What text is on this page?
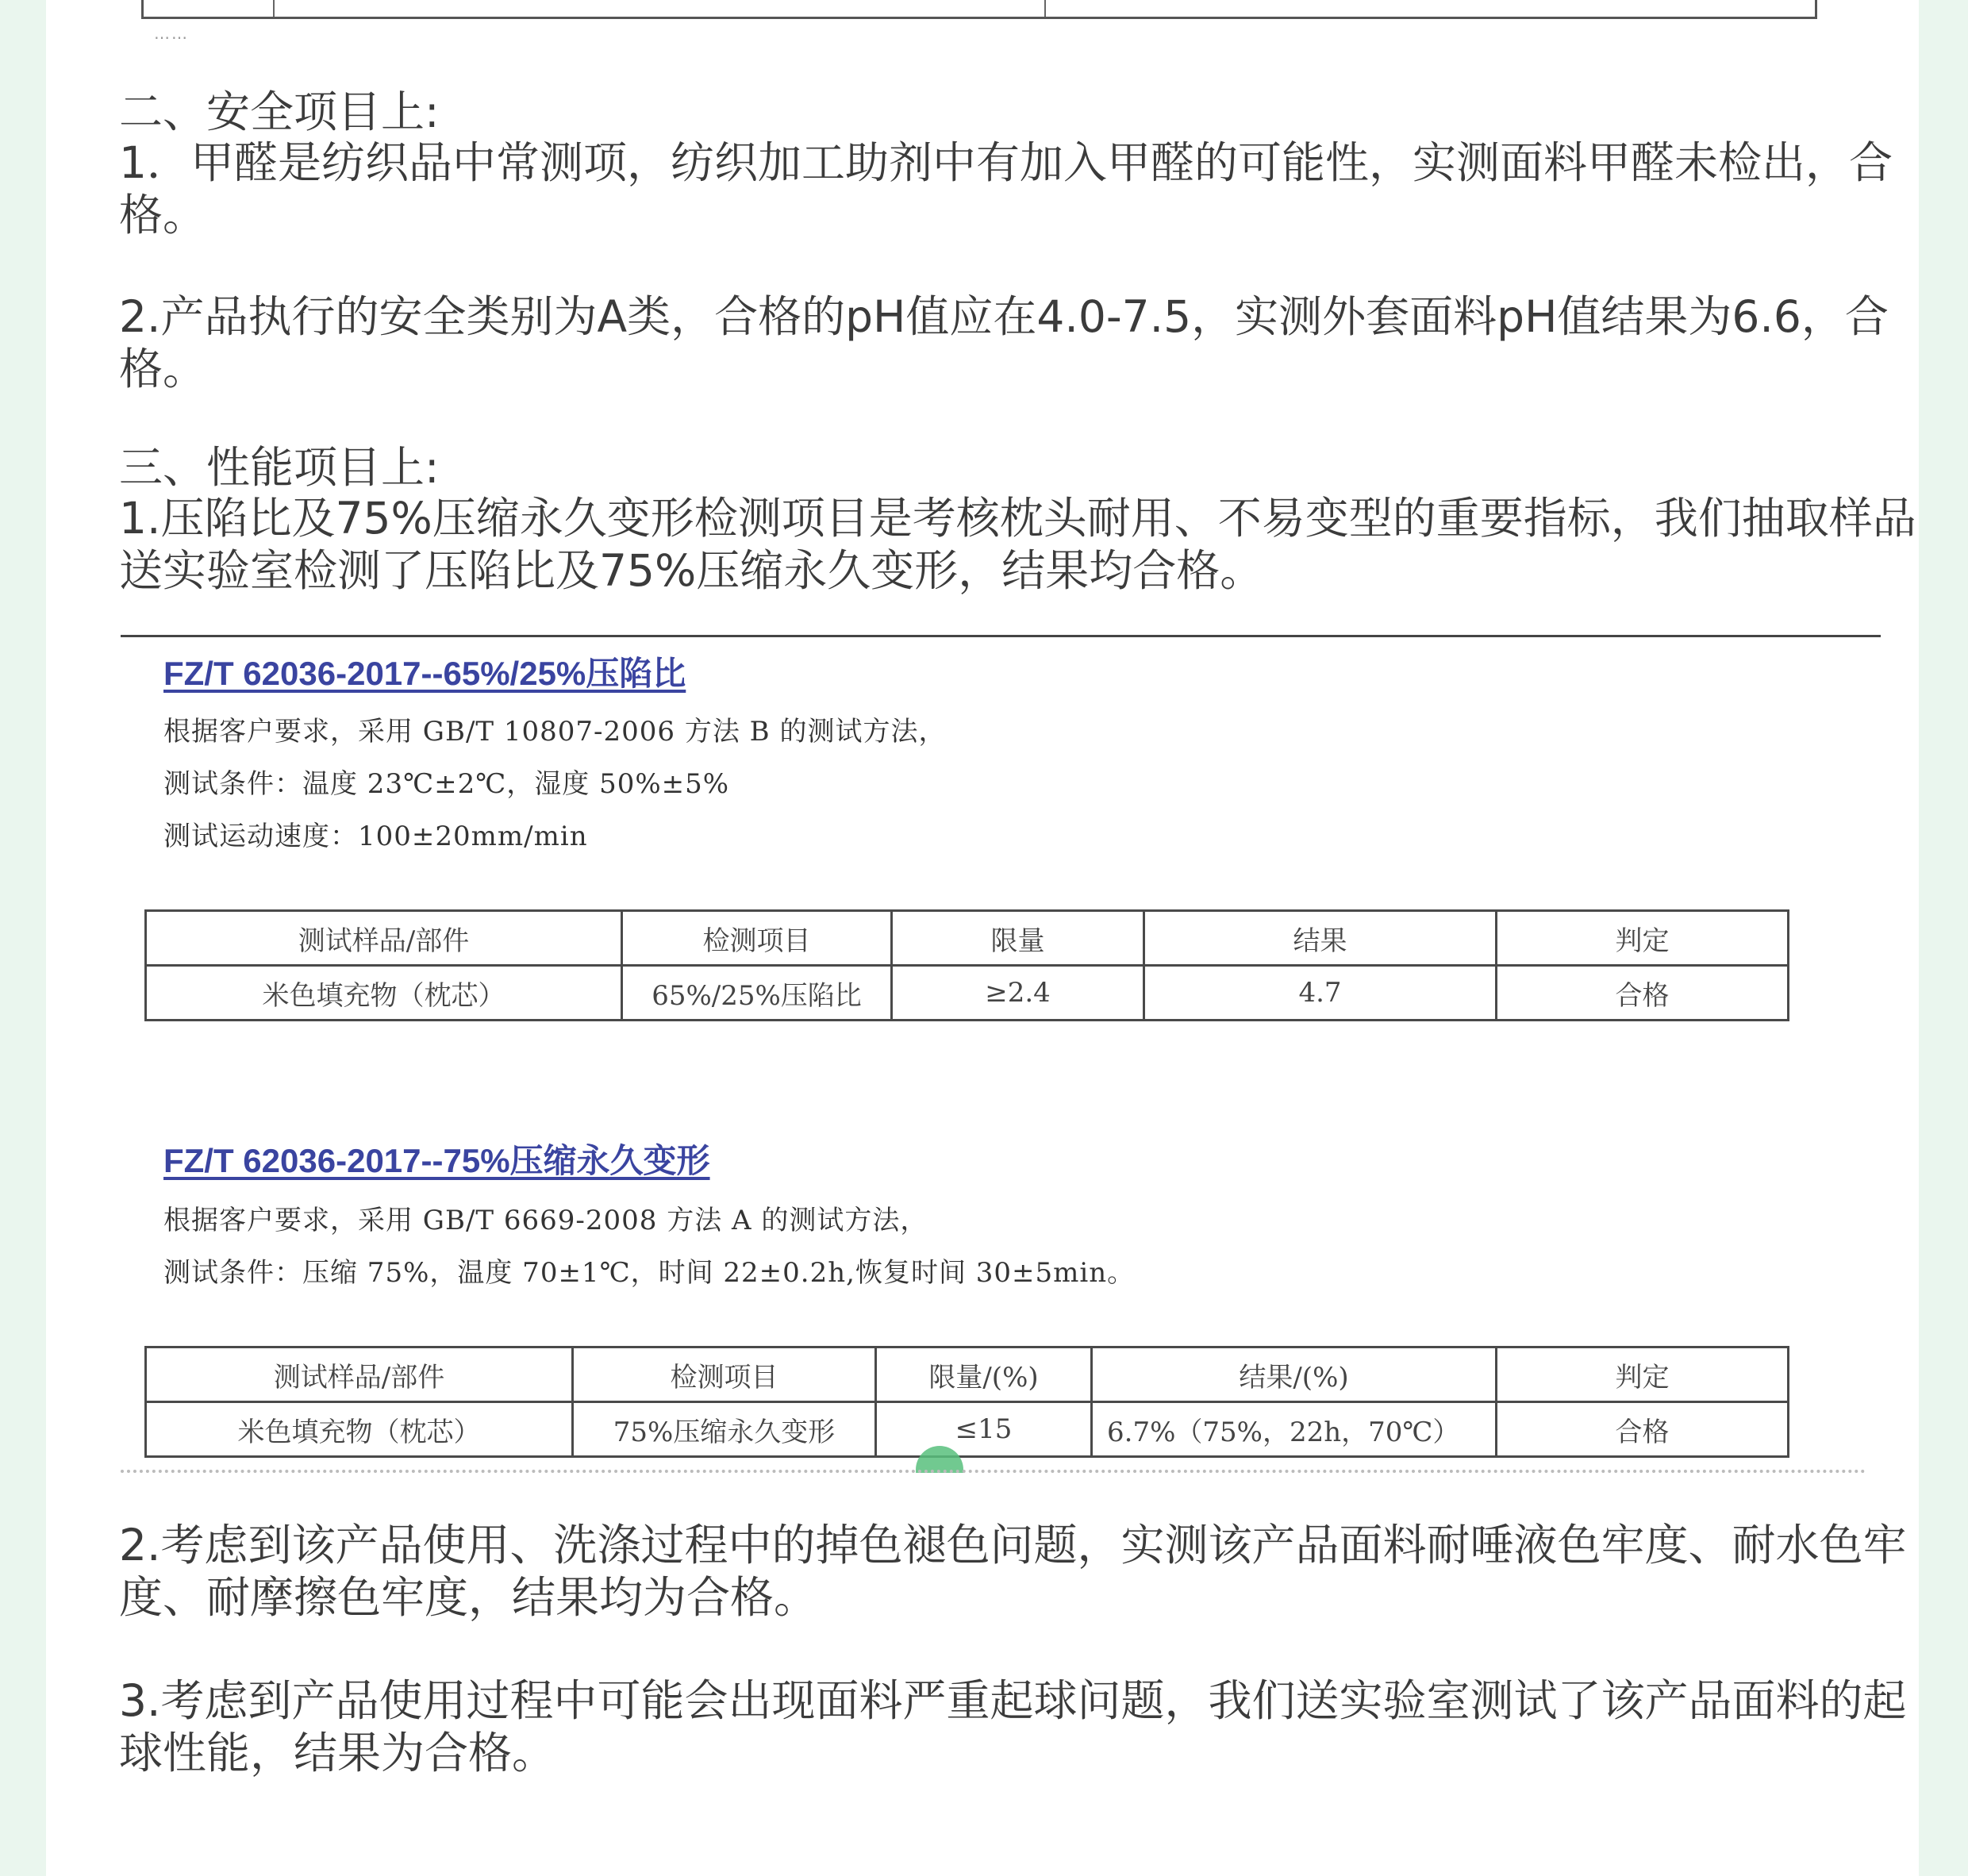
……

二、安全项目上:

1．甲醛是纺织品中常测项，纺织加工助剂中有加入甲醛的可能性，实测面料甲醛未检出，合格。

2.产品执行的安全类别为A类，合格的pH值应在4.0-7.5，实测外套面料pH值结果为6.6，合格。

三、性能项目上:

1.压陷比及75%压缩永久变形检测项目是考核枕头耐用、不易变型的重要指标，我们抽取样品送实验室检测了压陷比及75%压缩永久变形，结果均合格。

FZ/T 62036-2017--65%/25%压陷比

根据客户要求，采用 GB/T 10807-2006 方法 B 的测试方法，

测试条件：温度 23℃±2℃，湿度 50%±5%

测试运动速度：100±20mm/min

测试样品/部件	检测项目	限量	结果	判定
米色填充物（枕芯）	65%/25%压陷比	≥2.4	4.7	合格

FZ/T 62036-2017--75%压缩永久变形

根据客户要求，采用 GB/T 6669-2008 方法 A 的测试方法，

测试条件：压缩 75%，温度 70±1℃，时间 22±0.2h,恢复时间 30±5min。

测试样品/部件	检测项目	限量/(%)	结果/(%)	判定
米色填充物（枕芯）	75%压缩永久变形	≤15	6.7%（75%，22h，70℃）	合格

2.考虑到该产品使用、洗涤过程中的掉色褪色问题，实测该产品面料耐唾液色牢度、耐水色牢度、耐摩擦色牢度，结果均为合格。

3.考虑到产品使用过程中可能会出现面料严重起球问题，我们送实验室测试了该产品面料的起球性能，结果为合格。
